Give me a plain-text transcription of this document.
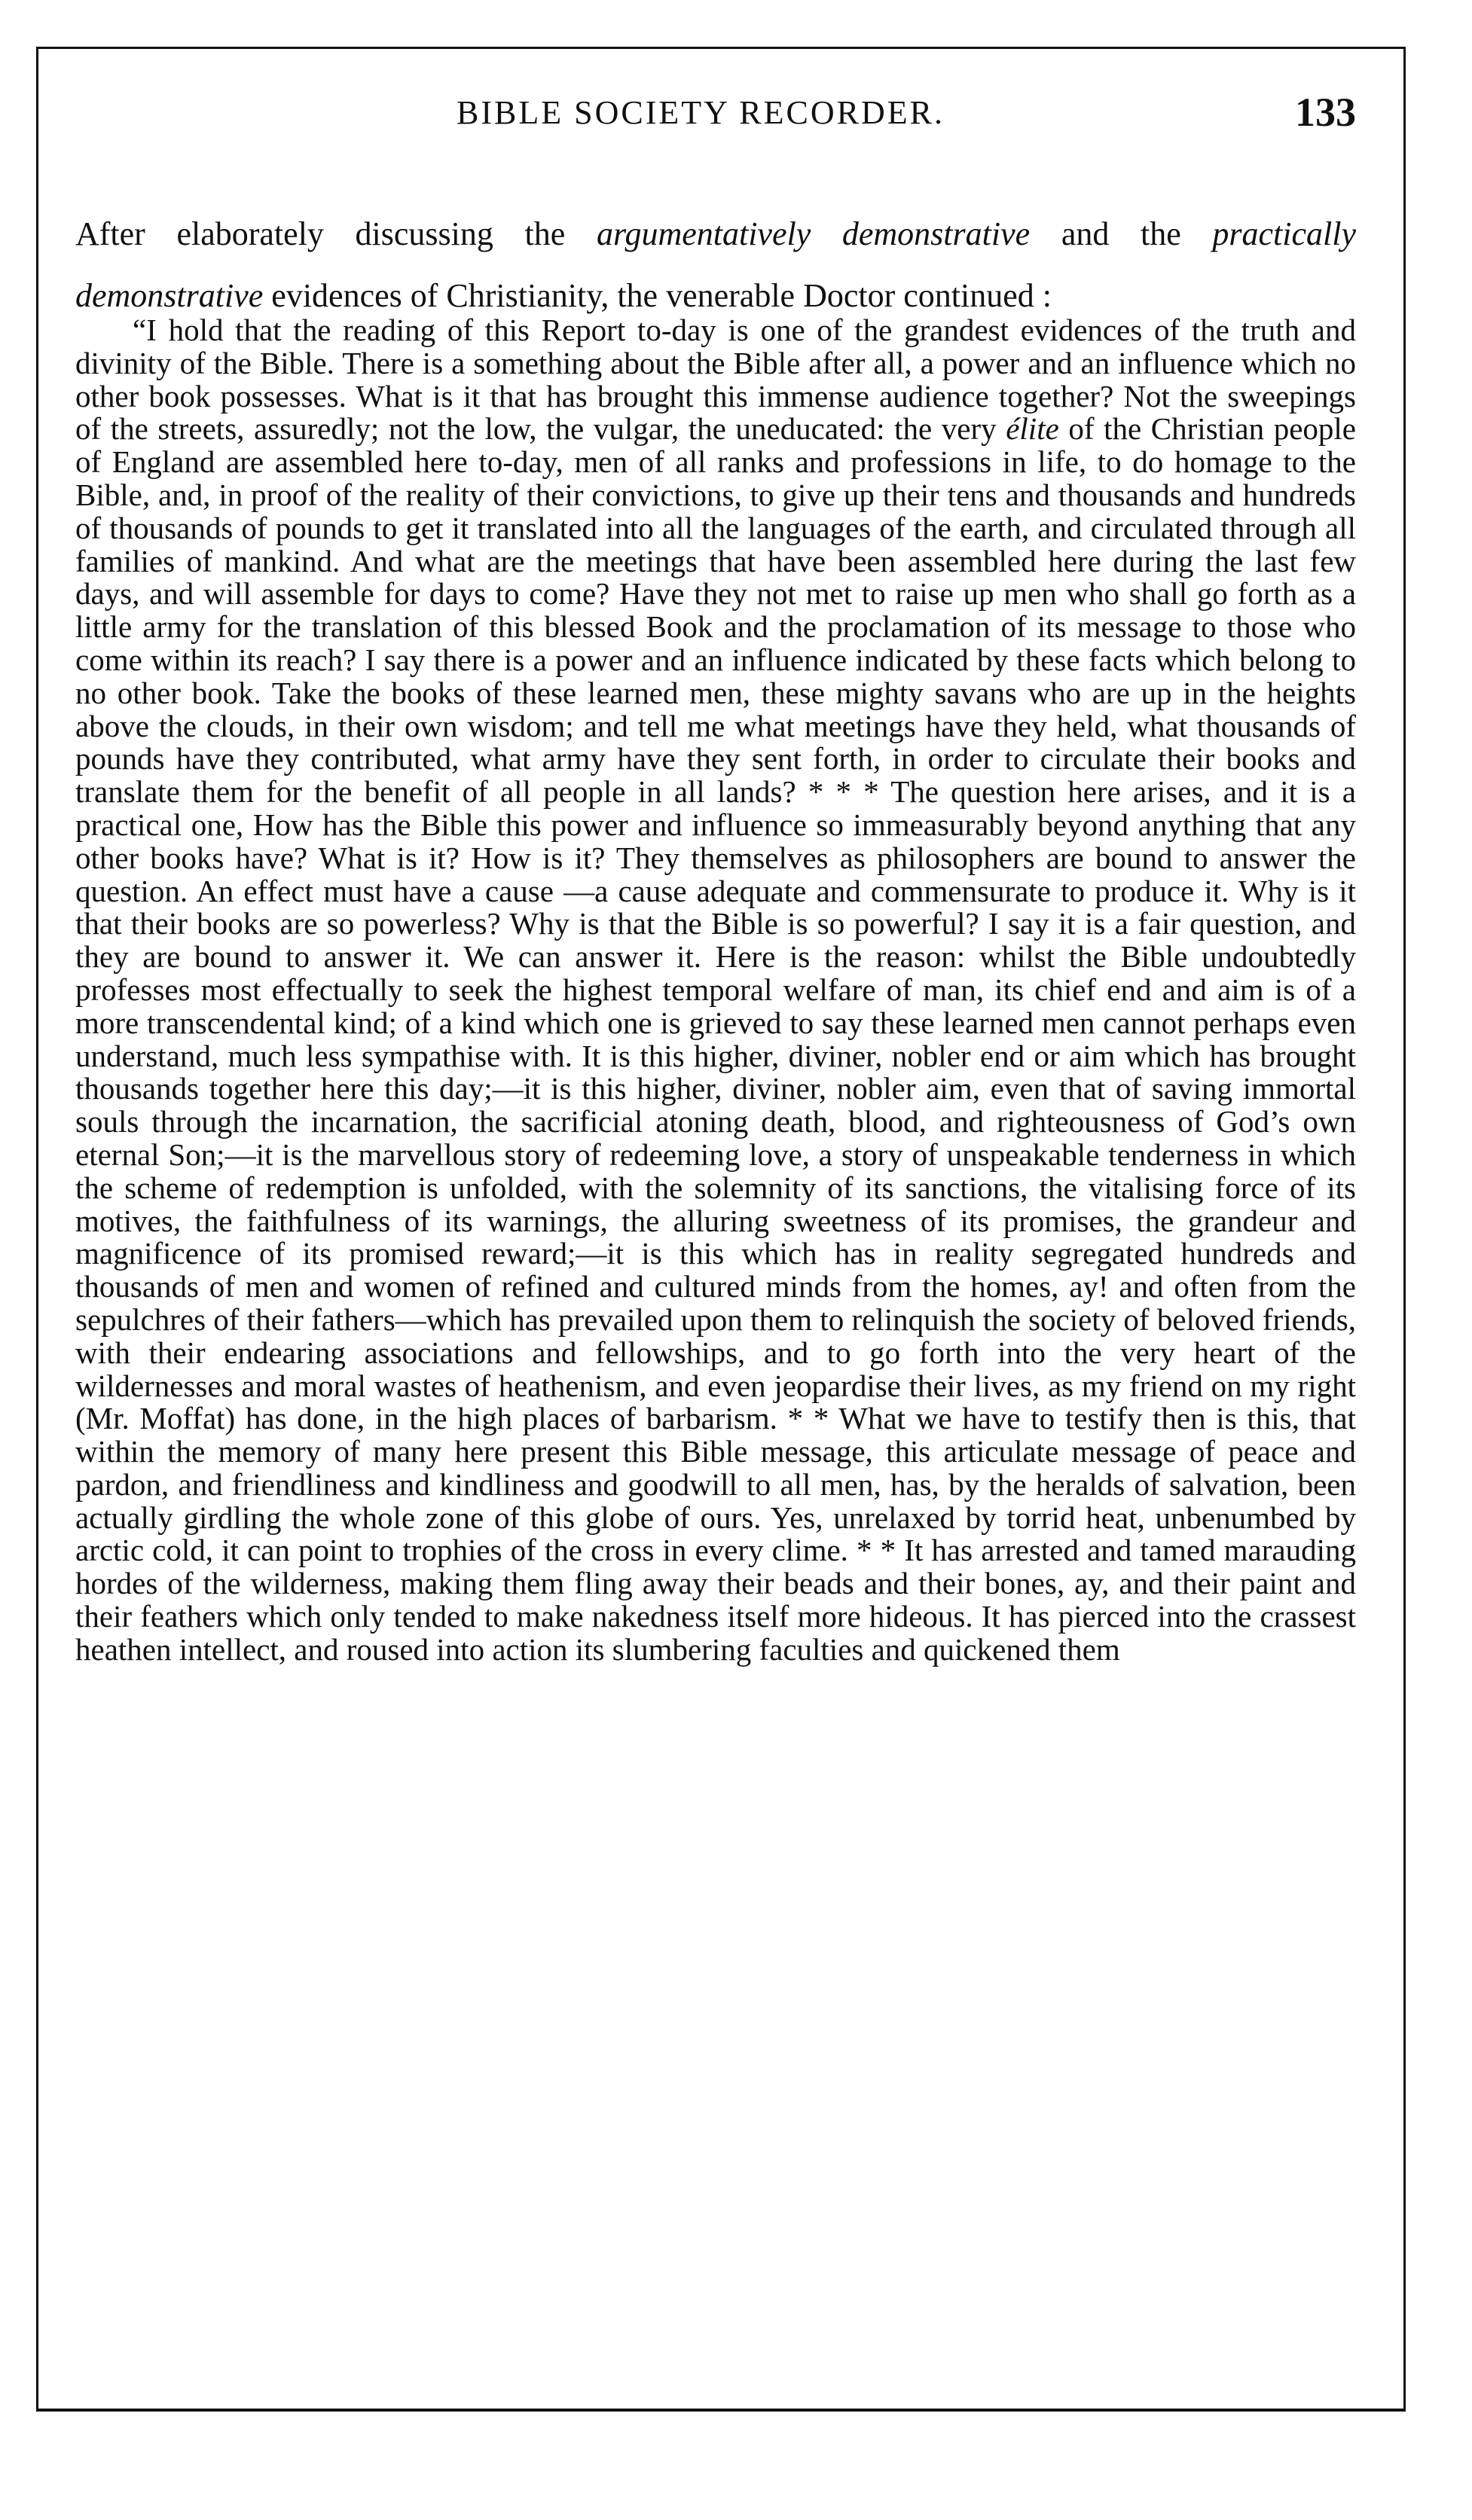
BIBLE SOCIETY RECORDER.	133

After elaborately discussing the argumentatively demonstrative and the practically demonstrative evidences of Christianity, the venerable Doctor continued :

“I hold that the reading of this Report to-day is one of the grandest evidences of the truth and divinity of the Bible. There is a something about the Bible after all, a power and an influence which no other book possesses. What is it that has brought this immense audience together? Not the sweepings of the streets, assuredly; not the low, the vulgar, the uneducated: the very élite of the Christian people of England are assembled here to-day, men of all ranks and professions in life, to do homage to the Bible, and, in proof of the reality of their convictions, to give up their tens and thousands and hundreds of thousands of pounds to get it translated into all the languages of the earth, and circulated through all families of mankind. And what are the meetings that have been assembled here during the last few days, and will assemble for days to come? Have they not met to raise up men who shall go forth as a little army for the translation of this blessed Book and the proclamation of its message to those who come within its reach? I say there is a power and an influence indicated by these facts which belong to no other book. Take the books of these learned men, these mighty savans who are up in the heights above the clouds, in their own wisdom; and tell me what meetings have they held, what thousands of pounds have they contributed, what army have they sent forth, in order to circulate their books and translate them for the benefit of all people in all lands? * * * The question here arises, and it is a practical one, How has the Bible this power and influence so immeasurably beyond anything that any other books have? What is it? How is it? They themselves as philosophers are bound to answer the question. An effect must have a cause —a cause adequate and commensurate to produce it. Why is it that their books are so powerless? Why is that the Bible is so powerful? I say it is a fair question, and they are bound to answer it. We can answer it. Here is the reason: whilst the Bible undoubtedly professes most effectually to seek the highest temporal welfare of man, its chief end and aim is of a more transcendental kind; of a kind which one is grieved to say these learned men cannot perhaps even understand, much less sympathise with. It is this higher, diviner, nobler end or aim which has brought thousands together here this day;—it is this higher, diviner, nobler aim, even that of saving immortal souls through the incarnation, the sacrificial atoning death, blood, and righteousness of God’s own eternal Son;—it is the marvellous story of redeeming love, a story of unspeakable tenderness in which the scheme of redemption is unfolded, with the solemnity of its sanctions, the vitalising force of its motives, the faithfulness of its warnings, the alluring sweetness of its promises, the grandeur and magnificence of its promised reward;—it is this which has in reality segregated hundreds and thousands of men and women of refined and cultured minds from the homes, ay! and often from the sepulchres of their fathers—which has prevailed upon them to relinquish the society of beloved friends, with their endearing associations and fellowships, and to go forth into the very heart of the wildernesses and moral wastes of heathenism, and even jeopardise their lives, as my friend on my right (Mr. Moffat) has done, in the high places of barbarism. * * What we have to testify then is this, that within the memory of many here present this Bible message, this articulate message of peace and pardon, and friendliness and kindliness and goodwill to all men, has, by the heralds of salvation, been actually girdling the whole zone of this globe of ours. Yes, unrelaxed by torrid heat, unbenumbed by arctic cold, it can point to trophies of the cross in every clime. * * It has arrested and tamed marauding hordes of the wilderness, making them fling away their beads and their bones, ay, and their paint and their feathers which only tended to make nakedness itself more hideous. It has pierced into the crassest heathen intellect, and roused into action its slumbering faculties and quickened them
